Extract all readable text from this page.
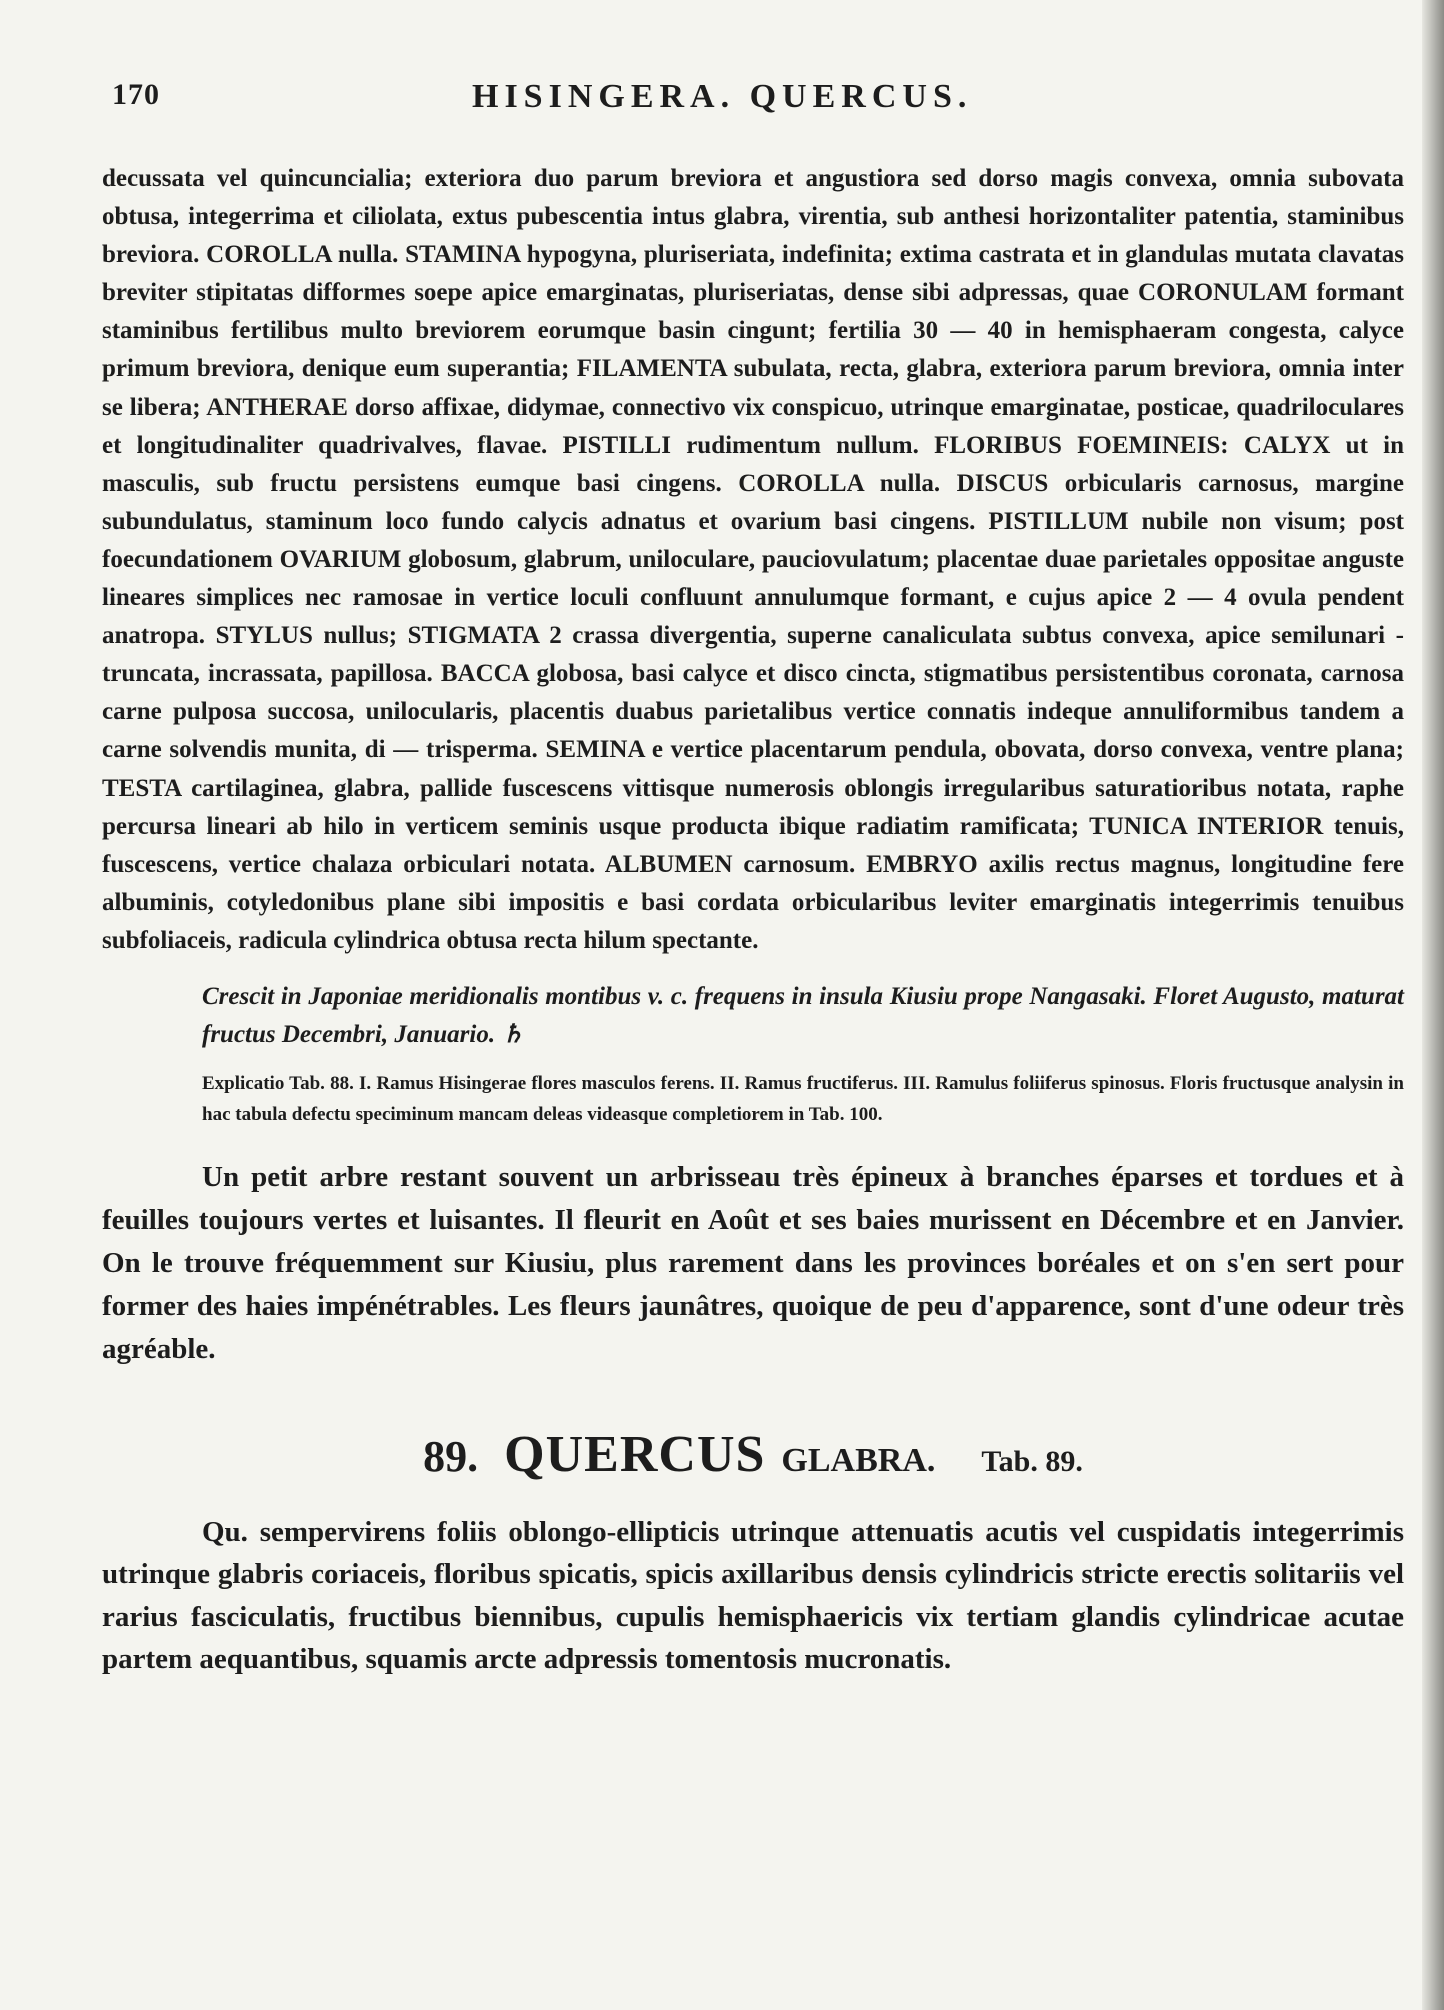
170	HISINGERA. QUERCUS.

decussata vel quincuncialia; exteriora duo parum breviora et angustiora sed dorso magis convexa, omnia subovata obtusa, integerrima et ciliolata, extus pubescentia intus glabra, virentia, sub anthesi horizontaliter patentia, staminibus breviora. COROLLA nulla. STAMINA hypogyna, pluriseriata, indefinita; extima castrata et in glandulas mutata clavatas breviter stipitatas difformes soepe apice emarginatas, pluriseriatas, dense sibi adpressas, quae CORONULAM formant staminibus fertilibus multo breviorem eorumque basin cingunt; fertilia 30 — 40 in hemisphaeram congesta, calyce primum breviora, denique eum superantia; FILAMENTA subulata, recta, glabra, exteriora parum breviora, omnia inter se libera; ANTHERAE dorso affixae, didymae, connectivo vix conspicuo, utrinque emarginatae, posticae, quadriloculares et longitudinaliter quadrivalves, flavae. PISTILLI rudimentum nullum. FLORIBUS FOEMINEIS: CALYX ut in masculis, sub fructu persistens eumque basi cingens. COROLLA nulla. DISCUS orbicularis carnosus, margine subundulatus, staminum loco fundo calycis adnatus et ovarium basi cingens. PISTILLUM nubile non visum; post foecundationem OVARIUM globosum, glabrum, uniloculare, pauciovulatum; placentae duae parietales oppositae anguste lineares simplices nec ramosae in vertice loculi confluunt annulumque formant, e cujus apice 2 — 4 ovula pendent anatropa. STYLUS nullus; STIGMATA 2 crassa divergentia, superne canaliculata subtus convexa, apice semilunari - truncata, incrassata, papillosa. BACCA globosa, basi calyce et disco cincta, stigmatibus persistentibus coronata, carnosa carne pulposa succosa, unilocularis, placentis duabus parietalibus vertice connatis indeque annuliformibus tandem a carne solvendis munita, di — trisperma. SEMINA e vertice placentarum pendula, obovata, dorso convexa, ventre plana; TESTA cartilaginea, glabra, pallide fuscescens vittisque numerosis oblongis irregularibus saturatioribus notata, raphe percursa lineari ab hilo in verticem seminis usque producta ibique radiatim ramificata; TUNICA INTERIOR tenuis, fuscescens, vertice chalaza orbiculari notata. ALBUMEN carnosum. EMBRYO axilis rectus magnus, longitudine fere albuminis, cotyledonibus plane sibi impositis e basi cordata orbicularibus leviter emarginatis integerrimis tenuibus subfoliaceis, radicula cylindrica obtusa recta hilum spectante.

Crescit in Japoniae meridionalis montibus v. c. frequens in insula Kiusiu prope Nangasaki. Floret Augusto, maturat fructus Decembri, Januario. ♄

Explicatio Tab. 88. I. Ramus Hisingerae flores masculos ferens. II. Ramus fructiferus. III. Ramulus foliiferus spinosus. Floris fructusque analysin in hac tabula defectu speciminum mancam deleas videasque completiorem in Tab. 100.

Un petit arbre restant souvent un arbrisseau très épineux à branches éparses et tordues et à feuilles toujours vertes et luisantes. Il fleurit en Août et ses baies murissent en Décembre et en Janvier. On le trouve fréquemment sur Kiusiu, plus rarement dans les provinces boréales et on s'en sert pour former des haies impénétrables. Les fleurs jaunâtres, quoique de peu d'apparence, sont d'une odeur très agréable.

89. QUERCUS GLABRA. Tab. 89.

Qu. sempervirens foliis oblongo-ellipticis utrinque attenuatis acutis vel cuspidatis integerrimis utrinque glabris coriaceis, floribus spicatis, spicis axillaribus densis cylindricis stricte erectis solitariis vel rarius fasciculatis, fructibus biennibus, cupulis hemisphaericis vix tertiam glandis cylindricae acutae partem aequantibus, squamis arcte adpressis tomentosis mucronatis.
